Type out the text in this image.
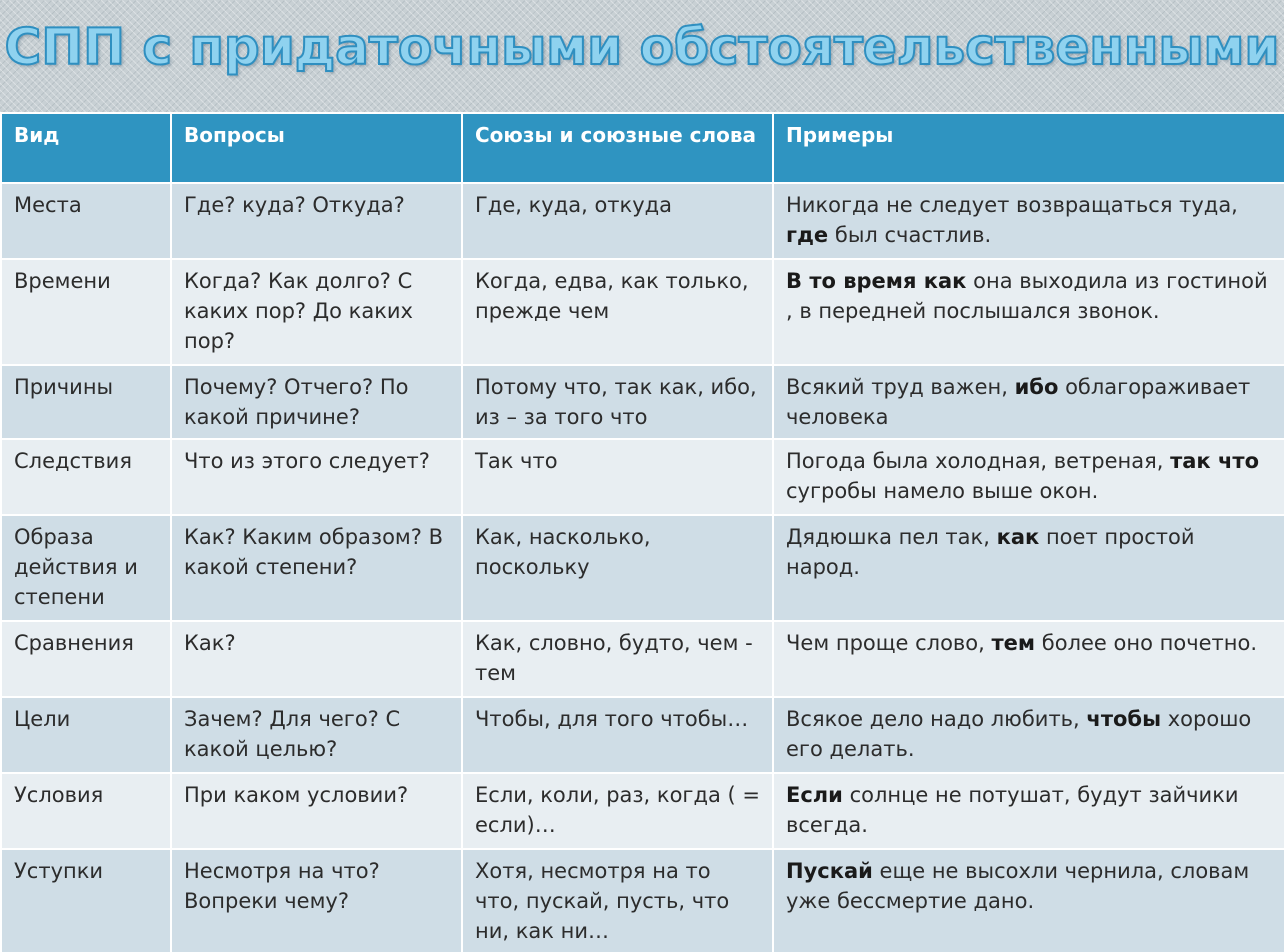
СПП с придаточными обстоятельственными
Вид	Вопросы	Союзы и союзные слова	Примеры
Места	Где? куда? Откуда?	Где, куда, откуда	Никогда не следует возвращаться туда, где был счастлив.
Времени	Когда? Как долго? С каких пор? До каких пор?	Когда, едва, как только, прежде чем	В то время как она выходила из гостиной , в передней послышался звонок.
Причины	Почему? Отчего? По какой причине?	Потому что, так как, ибо, из – за того что	Всякий труд важен, ибо облагораживает человека
Следствия	Что из этого следует?	Так что	Погода была холодная, ветреная, так что сугробы намело выше окон.
Образа действия и степени	Как? Каким образом? В какой степени?	Как, насколько, поскольку	Дядюшка пел так, как поет простой народ.
Сравнения	Как?	Как, словно, будто, чем - тем	Чем проще слово, тем более оно почетно.
Цели	Зачем? Для чего? С какой целью?	Чтобы, для того чтобы…	Всякое дело надо любить, чтобы хорошо его делать.
Условия	При каком условии?	Если, коли, раз, когда ( = если)…	Если солнце не потушат, будут зайчики всегда.
Уступки	Несмотря на что? Вопреки чему?	Хотя, несмотря на то что, пускай, пусть, что ни, как ни…	Пускай еще не высохли чернила, словам уже бессмертие дано.
